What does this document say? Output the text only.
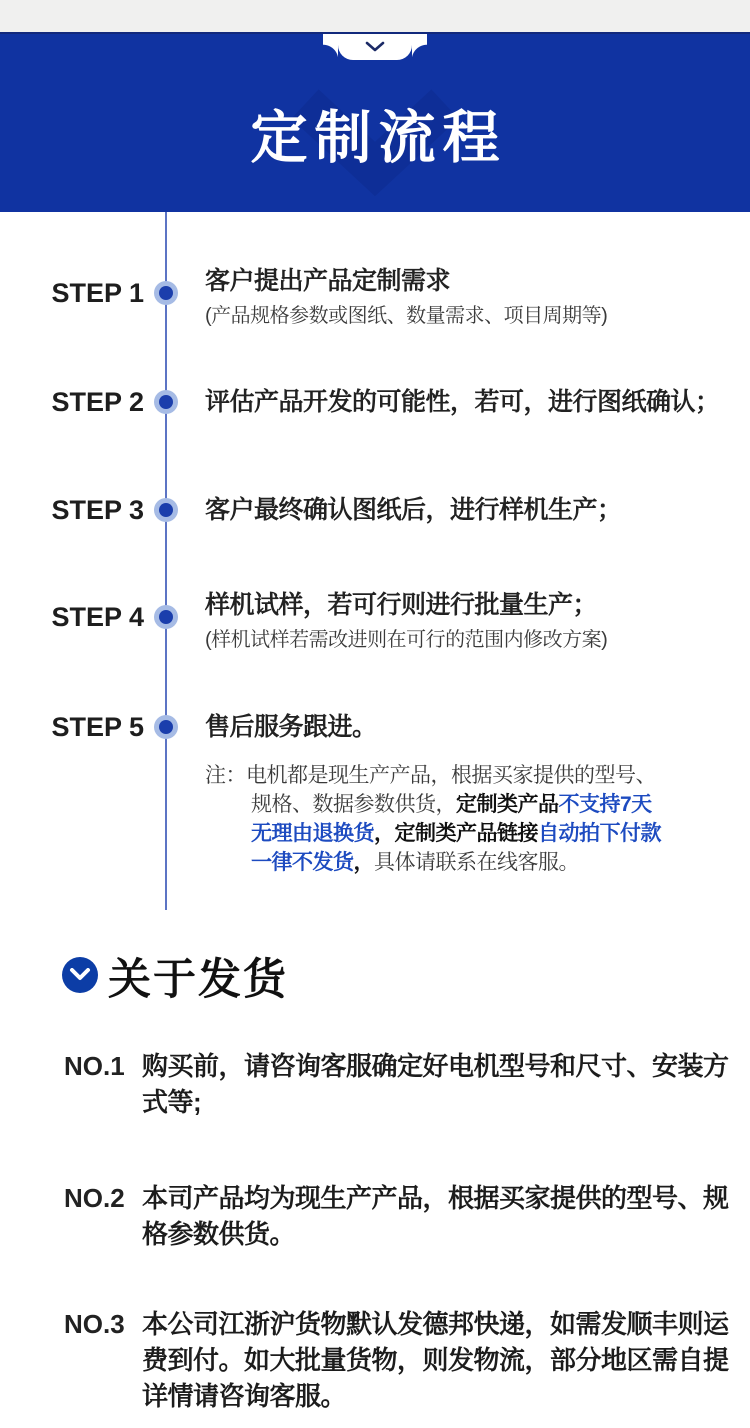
定制流程
STEP 1 客户提出产品定制需求
(产品规格参数或图纸、数量需求、项目周期等)
STEP 2 评估产品开发的可能性，若可，进行图纸确认；
STEP 3 客户最终确认图纸后，进行样机生产；
STEP 4 样机试样，若可行则进行批量生产；
(样机试样若需改进则在可行的范围内修改方案)
STEP 5 售后服务跟进。
注：电机都是现生产产品，根据买家提供的型号、
规格、数据参数供货，定制类产品不支持7天
无理由退换货，定制类产品链接自动拍下付款
一律不发货，具体请联系在线客服。
关于发货
NO.1 购买前，请咨询客服确定好电机型号和尺寸、安装方
式等;
NO.2 本司产品均为现生产产品，根据买家提供的型号、规
格参数供货。
NO.3 本公司江浙沪货物默认发德邦快递，如需发顺丰则运
费到付。如大批量货物，则发物流，部分地区需自提
详情请咨询客服。
